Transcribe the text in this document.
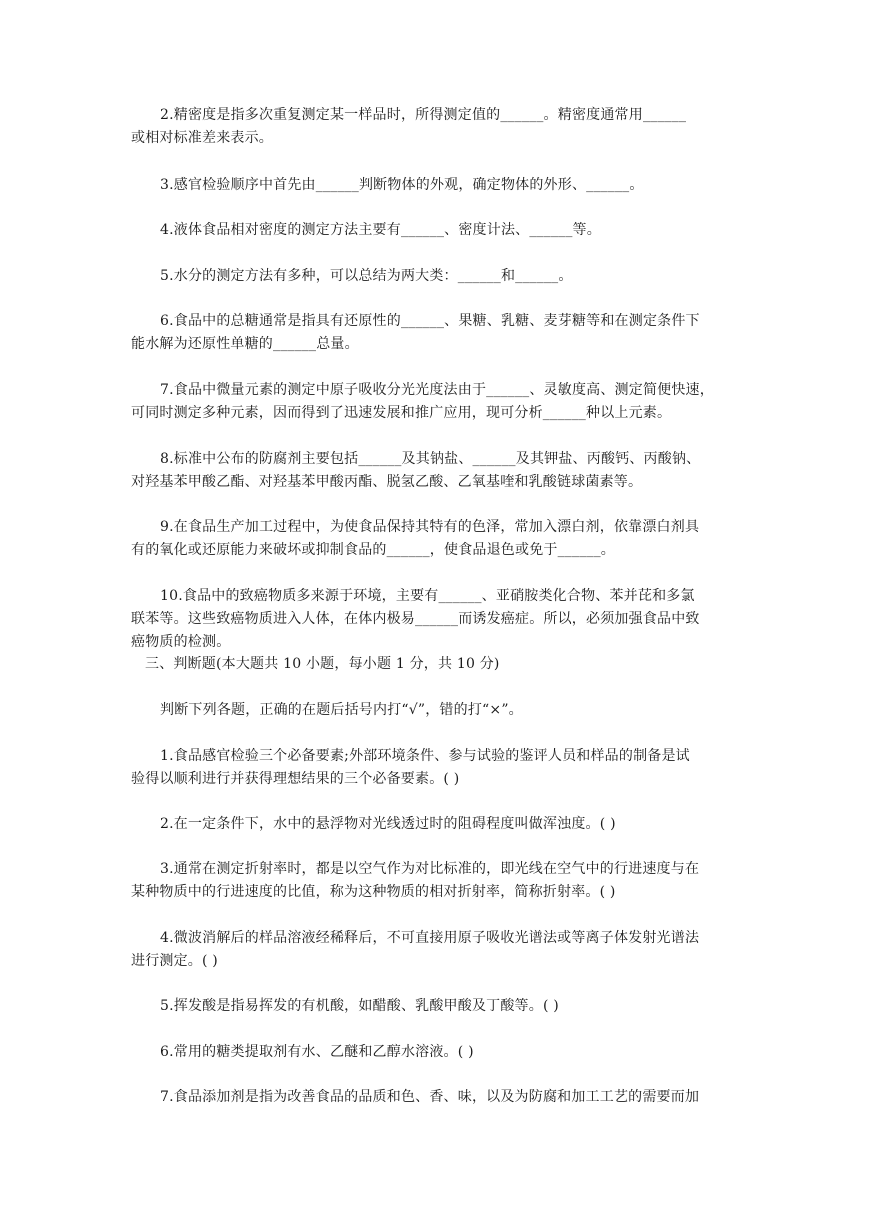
2.精密度是指多次重复测定某一样品时，所得测定值的______。精密度通常用______
或相对标准差来表示。
3.感官检验顺序中首先由______判断物体的外观，确定物体的外形、______。
4.液体食品相对密度的测定方法主要有______、密度计法、______等。
5.水分的测定方法有多种，可以总结为两大类：______和______。
6.食品中的总糖通常是指具有还原性的______、果糖、乳糖、麦芽糖等和在测定条件下
能水解为还原性单糖的______总量。
7.食品中微量元素的测定中原子吸收分光光度法由于______、灵敏度高、测定简便快速，
可同时测定多种元素，因而得到了迅速发展和推广应用，现可分析______种以上元素。
8.标准中公布的防腐剂主要包括______及其钠盐、______及其钾盐、丙酸钙、丙酸钠、
对羟基苯甲酸乙酯、对羟基苯甲酸丙酯、脱氢乙酸、乙氧基喹和乳酸链球菌素等。
9.在食品生产加工过程中，为使食品保持其特有的色泽，常加入漂白剂，依靠漂白剂具
有的氧化或还原能力来破坏或抑制食品的______，使食品退色或免于______。
10.食品中的致癌物质多来源于环境，主要有______、亚硝胺类化合物、苯并芘和多氯
联苯等。这些致癌物质进入人体，在体内极易______而诱发癌症。所以，必须加强食品中致
癌物质的检测。
三、判断题(本大题共 10 小题，每小题 1 分，共 10 分)
判断下列各题，正确的在题后括号内打“√”，错的打“×”。
1.食品感官检验三个必备要素;外部环境条件、参与试验的鉴评人员和样品的制备是试
验得以顺利进行并获得理想结果的三个必备要素。( )
2.在一定条件下，水中的悬浮物对光线透过时的阻碍程度叫做浑浊度。( )
3.通常在测定折射率时，都是以空气作为对比标准的，即光线在空气中的行进速度与在
某种物质中的行进速度的比值，称为这种物质的相对折射率，简称折射率。( )
4.微波消解后的样品溶液经稀释后，不可直接用原子吸收光谱法或等离子体发射光谱法
进行测定。( )
5.挥发酸是指易挥发的有机酸，如醋酸、乳酸甲酸及丁酸等。( )
6.常用的糖类提取剂有水、乙醚和乙醇水溶液。( )
7.食品添加剂是指为改善食品的品质和色、香、味，以及为防腐和加工工艺的需要而加
